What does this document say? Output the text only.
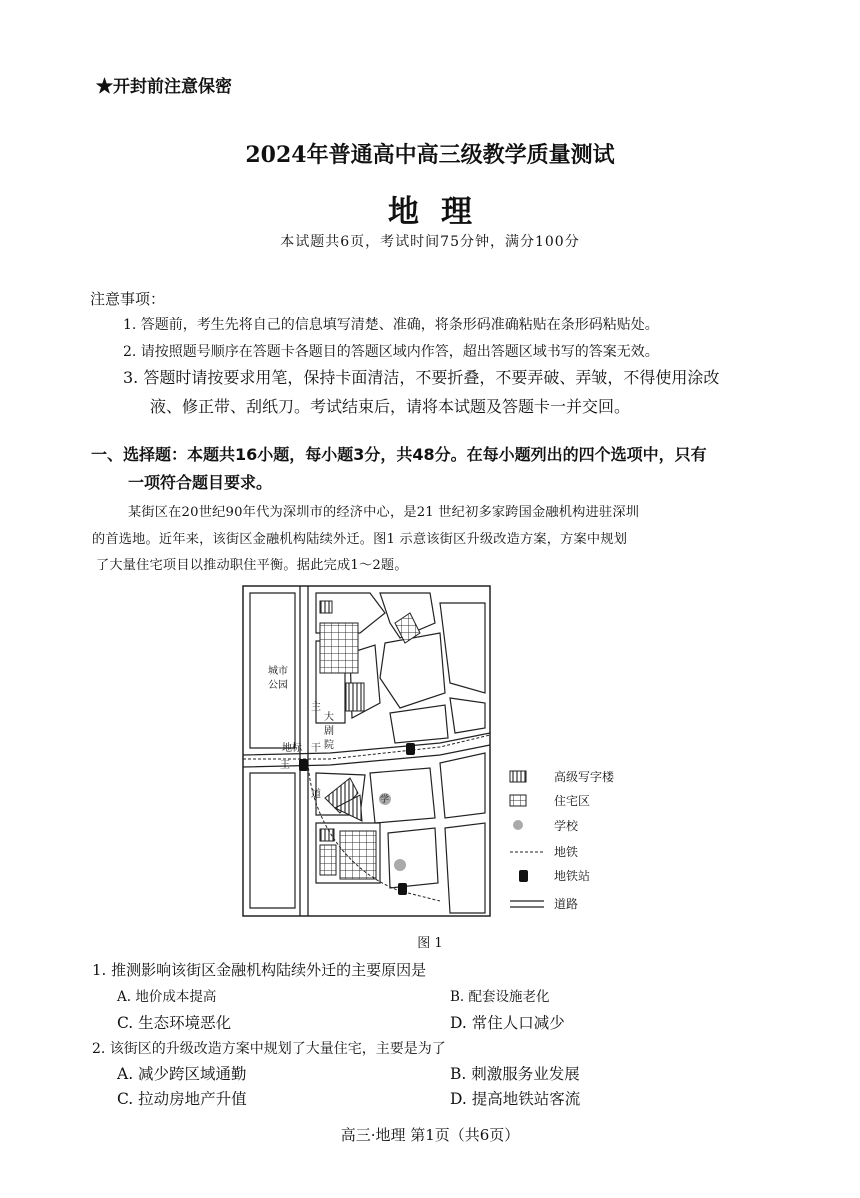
★开封前注意保密
2024年普通高中高三级教学质量测试
地理
本试题共6页，考试时间75分钟，满分100分
注意事项：
1. 答题前，考生先将自己的信息填写清楚、准确，将条形码准确粘贴在条形码粘贴处。
2. 请按照题号顺序在答题卡各题目的答题区域内作答，超出答题区域书写的答案无效。
3. 答题时请按要求用笔，保持卡面清洁，不要折叠，不要弄破、弄皱，不得使用涂改
液、修正带、刮纸刀。考试结束后，请将本试题及答题卡一并交回。
一、选择题：本题共16小题，每小题3分，共48分。在每小题列出的四个选项中，只有
一项符合题目要求。
某街区在20世纪90年代为深圳市的经济中心，是21 世纪初多家跨国金融机构进驻深圳
的首选地。近年来，该街区金融机构陆续外迁。图1 示意该街区升级改造方案，方案中规划
了大量住宅项目以推动职住平衡。据此完成1～2题。
城市
公园
地标
王
主
干
道
大
剧
院
学
高级写字楼
住宅区
学校
地铁
地铁站
道路
图 1
1. 推测影响该街区金融机构陆续外迁的主要原因是
A. 地价成本提高	B. 配套设施老化
C. 生态环境恶化	D. 常住人口减少
2. 该街区的升级改造方案中规划了大量住宅，主要是为了
A. 减少跨区域通勤	B. 刺激服务业发展
C. 拉动房地产升值	D. 提高地铁站客流
高三·地理 第1页（共6页）
